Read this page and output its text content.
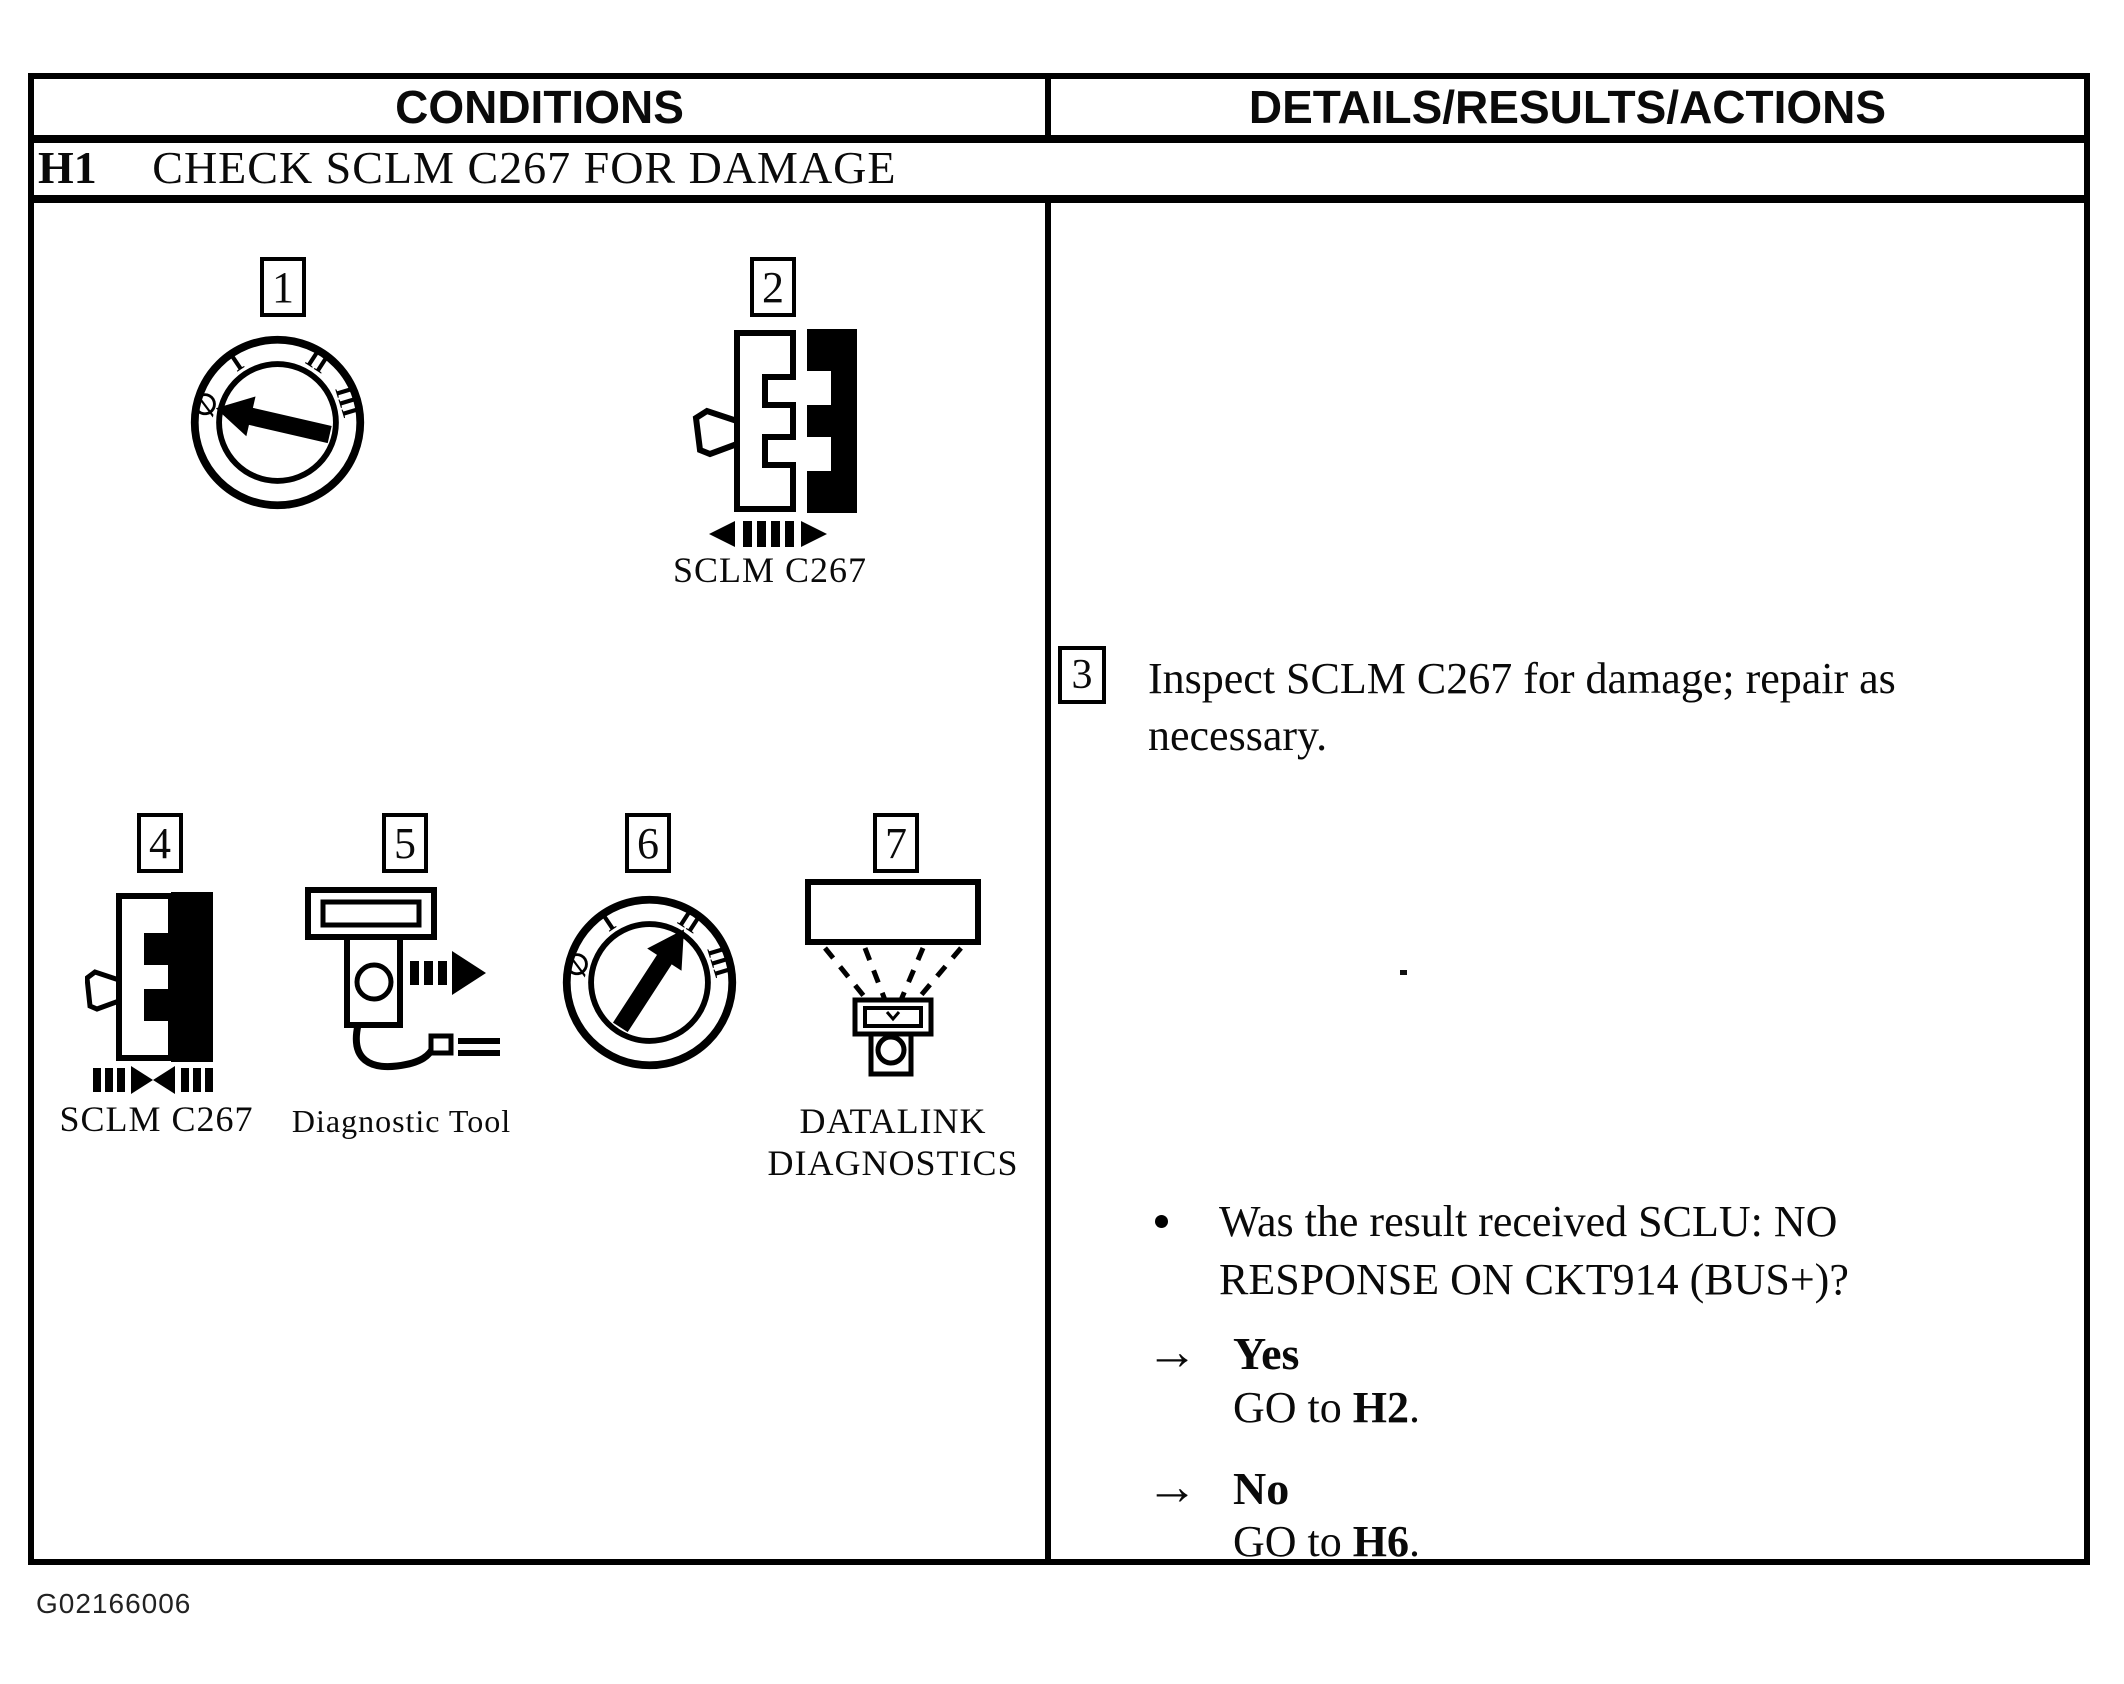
CONDITIONS	DETAILS/RESULTS/ACTIONS
H1 CHECK SCLM C267 FOR DAMAGE
1
∅
I II
III
2
SCLM C267
4
SCLM C267
5
Diagnostic Tool
6
∅
I II
III
7
DATALINK
DIAGNOSTICS
3 Inspect SCLM C267 for damage; repair as
necessary.
Was the result received SCLU: NO
RESPONSE ON CKT914 (BUS+)?
→ Yes
GO to H2.
→ No
GO to H6.
G02166006
